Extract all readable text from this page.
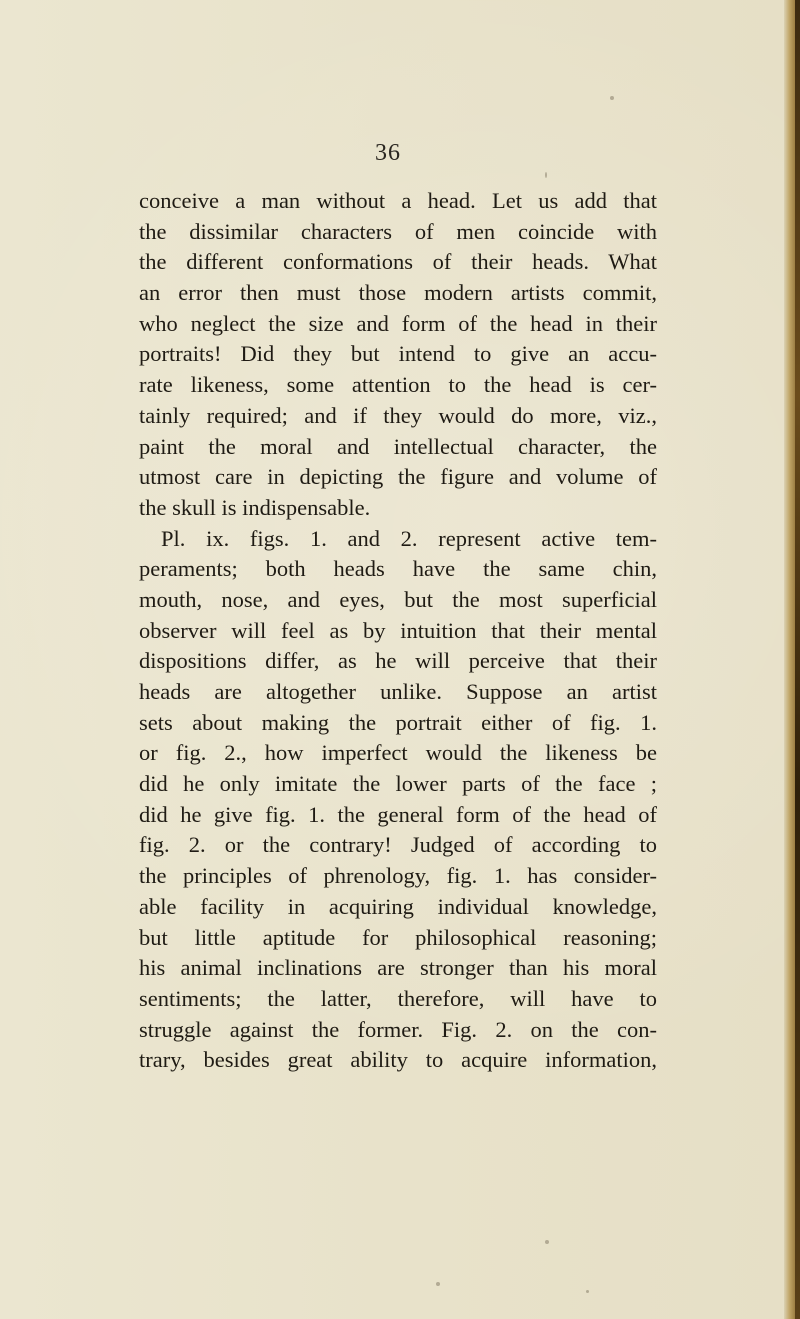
36
conceive a man without a head. Let us add that
the dissimilar characters of men coincide with
the different conformations of their heads. What
an error then must those modern artists commit,
who neglect the size and form of the head in their
portraits! Did they but intend to give an accu-
rate likeness, some attention to the head is cer-
tainly required; and if they would do more, viz.,
paint the moral and intellectual character, the
utmost care in depicting the figure and volume of
the skull is indispensable.
Pl. ix. figs. 1. and 2. represent active tem-
peraments; both heads have the same chin,
mouth, nose, and eyes, but the most superficial
observer will feel as by intuition that their mental
dispositions differ, as he will perceive that their
heads are altogether unlike. Suppose an artist
sets about making the portrait either of fig. 1.
or fig. 2., how imperfect would the likeness be
did he only imitate the lower parts of the face ;
did he give fig. 1. the general form of the head of
fig. 2. or the contrary! Judged of according to
the principles of phrenology, fig. 1. has consider-
able facility in acquiring individual knowledge,
but little aptitude for philosophical reasoning;
his animal inclinations are stronger than his moral
sentiments; the latter, therefore, will have to
struggle against the former. Fig. 2. on the con-
trary, besides great ability to acquire information,
